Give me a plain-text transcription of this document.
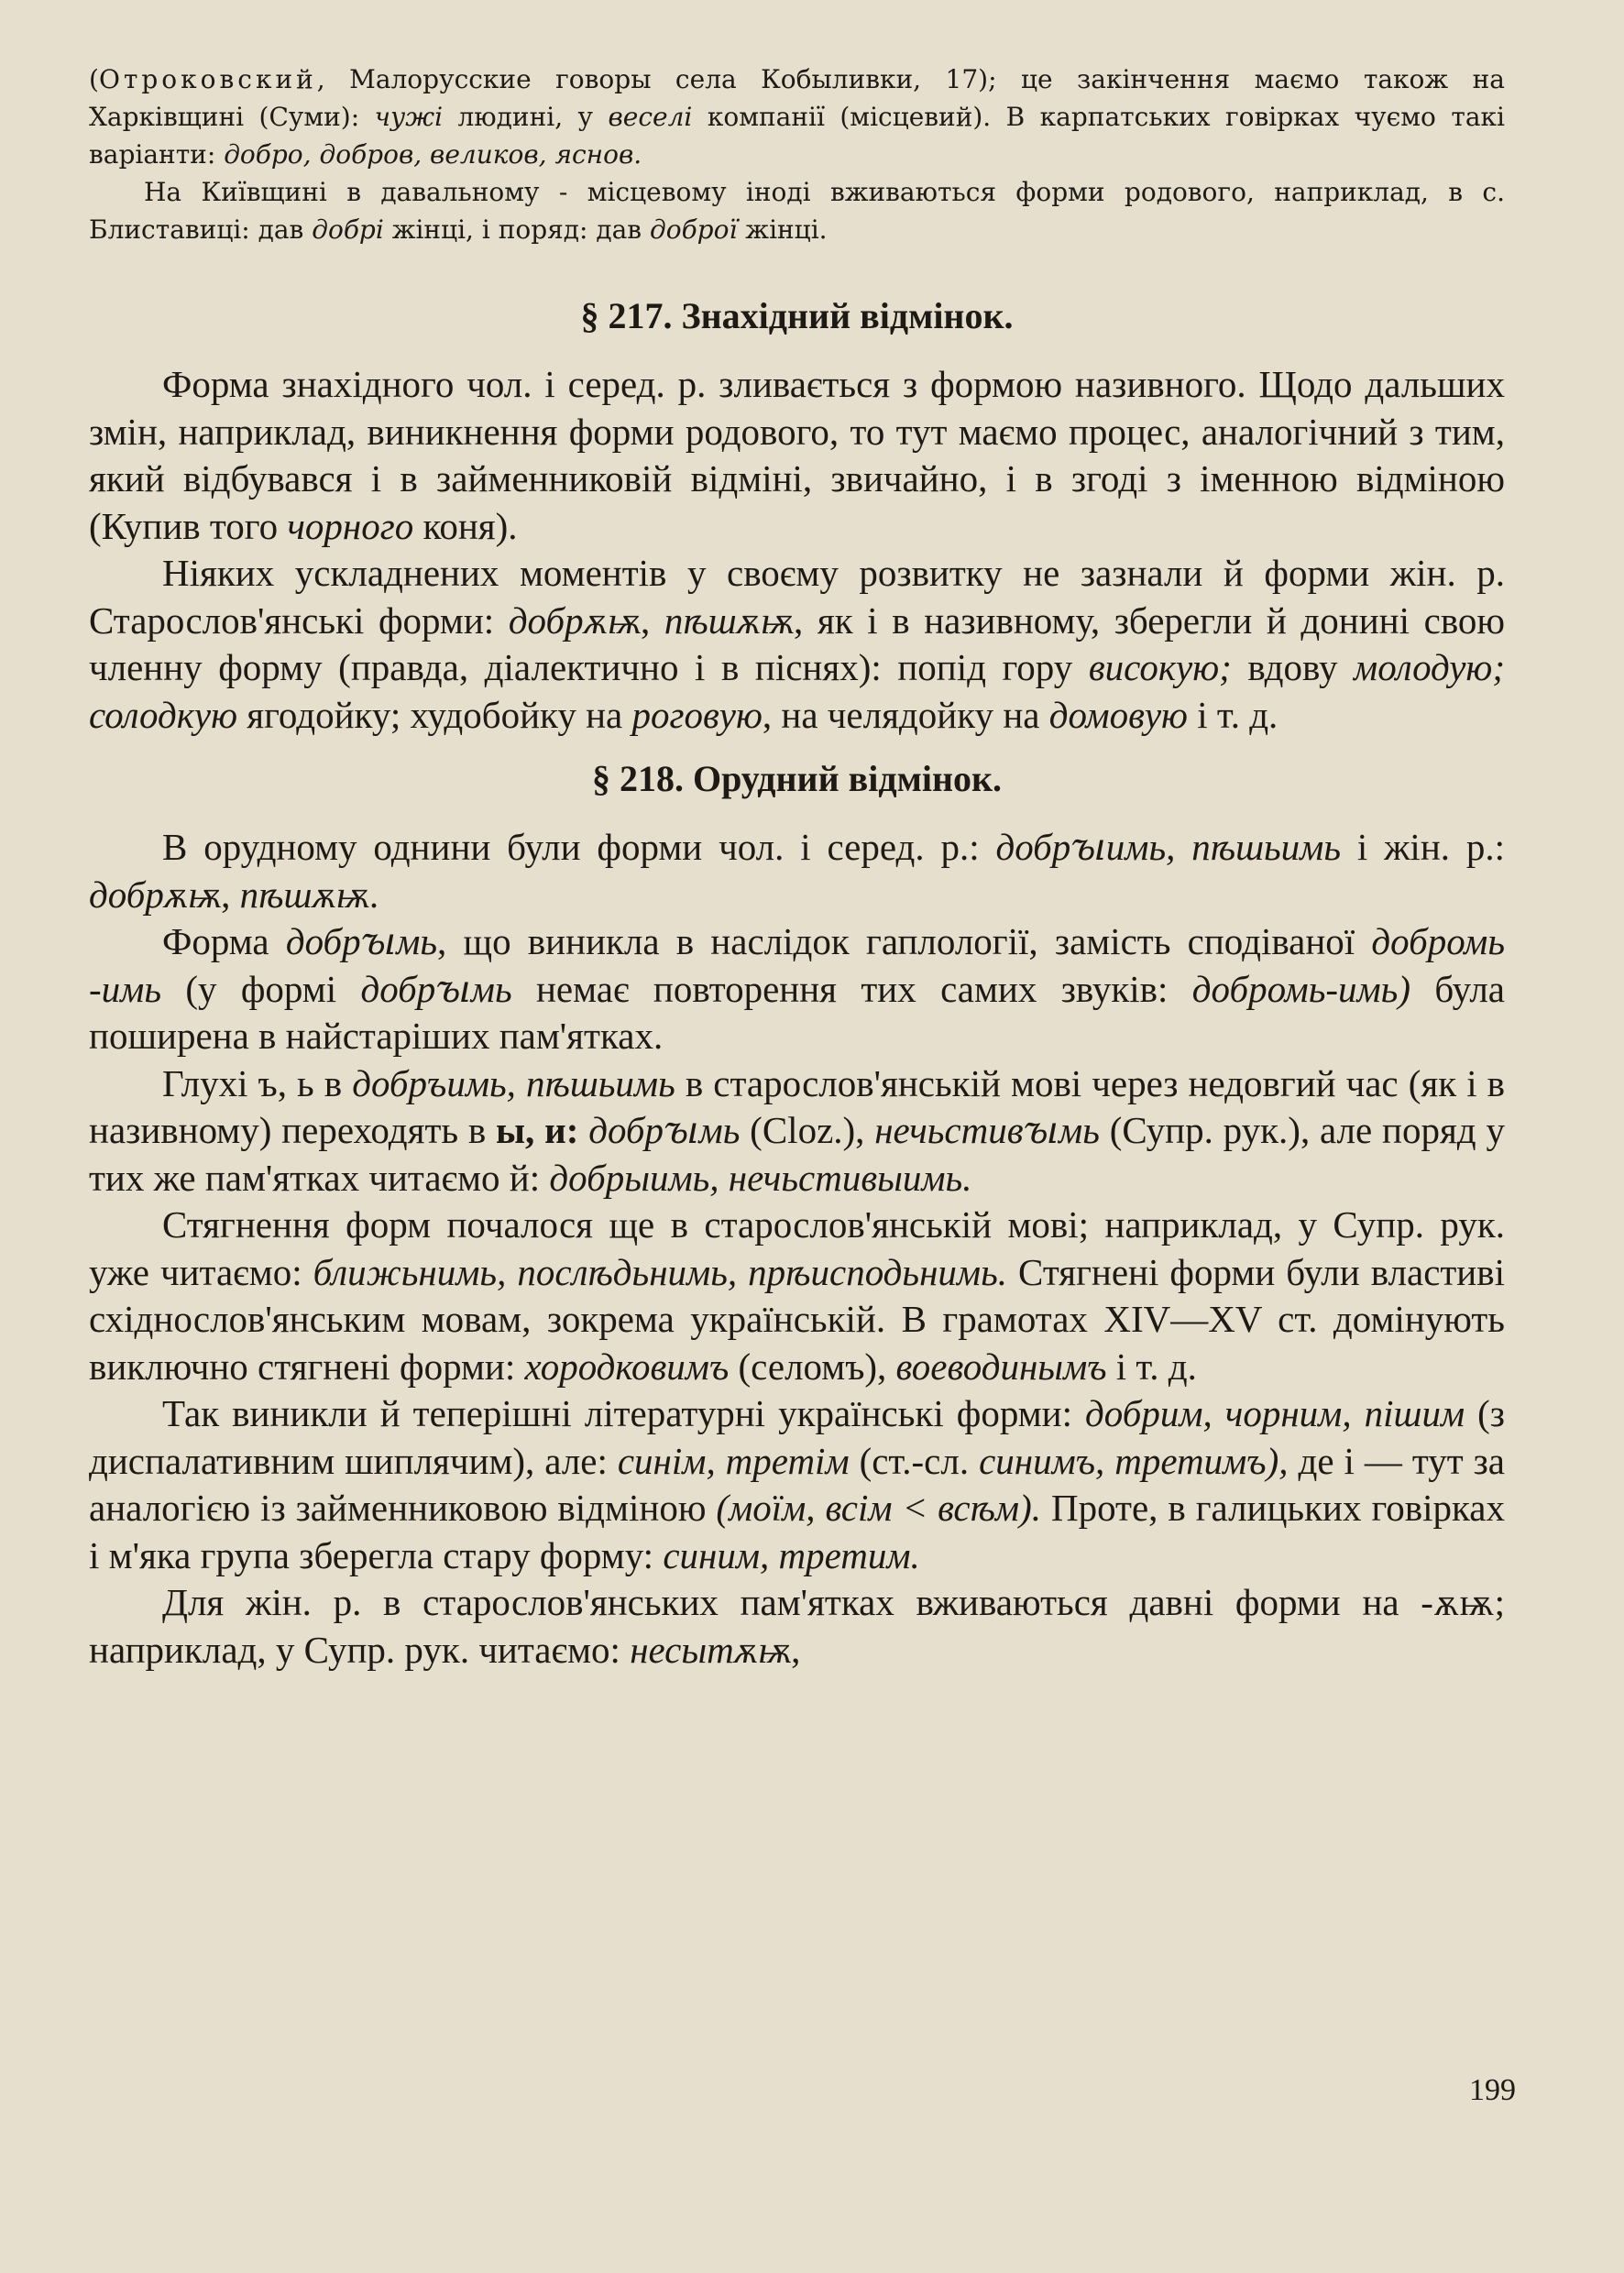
(Отроковский, Малорусские говоры села Кобыливки, 17); це закінчення маємо також на Харківщині (Суми): чужі людині, у веселі компанії (місцевий). В карпатських говірках чуємо такі варіанти: добро, добров, великов, яснов.

На Київщині в давальному - місцевому іноді вживаються форми родового, наприклад, в с. Блиставиці: дав добрі жінці, і поряд: дав доброї жінці.

§ 217. Знахідний відмінок.

Форма знахідного чол. і серед. р. зливається з формою називного. Щодо дальших змін, наприклад, виникнення форми родового, то тут маємо процес, аналогічний з тим, який відбувався і в займенниковій відміні, звичайно, і в згоді з іменною відміною (Купив того чорного коня).

Ніяких ускладнених моментів у своєму розвитку не зазнали й форми жін. р. Старослов'янські форми: добрѫѭ, пѣшѫѭ, як і в називному, зберегли й донині свою членну форму (правда, діалектично і в піснях): попід гору високую; вдову молодую; солодкую ягодойку; худобойку на роговую, на челядойку на домовую і т. д.

§ 218. Орудний відмінок.

В орудному однини були форми чол. і серед. р.: добрꙑимь, пѣшьимь і жін. р.: добрѫѭ, пѣшѫѭ.

Форма добрꙑмь, що виникла в наслідок гаплології, замість сподіваної добромь -имь (у формі добрꙑмь немає повторення тих самих звуків: добромь-имь) була поширена в найстаріших пам'ятках.

Глухі ъ, ь в добръимь, пѣшьимь в старослов'янській мові через недовгий час (як і в називному) переходять в ы, и: добрꙑмь (Cloz.), нечьстивꙑмь (Супр. рук.), але поряд у тих же пам'ятках читаємо й: добрыимь, нечьстивыимь.

Стягнення форм почалося ще в старослов'янській мові; наприклад, у Супр. рук. уже читаємо: ближьнимь, послѣдьнимь, прѣисподьнимь. Стягнені форми були властиві східнослов'янським мовам, зокрема українській. В грамотах XIV—XV ст. домінують виключно стягнені форми: хородковимъ (селомъ), воеводинымъ і т. д.

Так виникли й теперішні літературні українські форми: добрим, чорним, пішим (з диспалативним шиплячим), але: синім, третім (ст.-сл. синимъ, третимъ), де і — тут за аналогією із займенниковою відміною (моїм, всім < всѣм). Проте, в галицьких говірках і м'яка група зберегла стару форму: синим, третим.

Для жін. р. в старослов'янських пам'ятках вживаються давні форми на -ѫѭ; наприклад, у Супр. рук. читаємо: несытѫѭ,

199
